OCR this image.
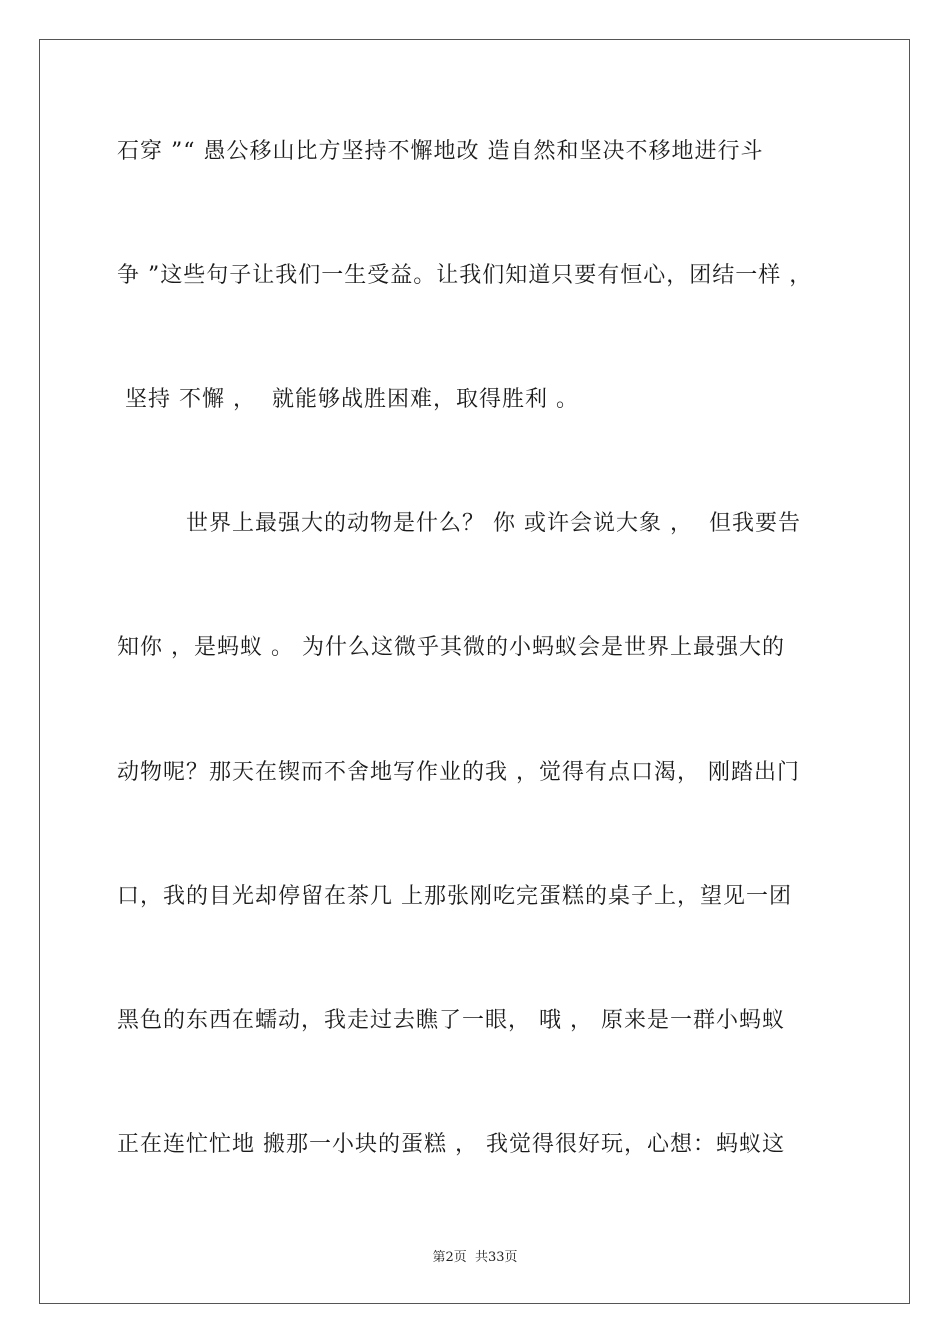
石穿 ”“ 愚公移山比方坚持不懈地改 造自然和坚决不移地进行斗
争 ”这些句子让我们一生受益。让我们知道只要有恒心，团结一样 ，
坚持 不懈 ，  就能够战胜困难，取得胜利 。
世界上最强大的动物是什么？ 你 或许会说大象 ，  但我要告
知你 ，是蚂蚁 。 为什么这微乎其微的小蚂蚁会是世界上最强大的
动物呢？那天在锲而不舍地写作业的我 ，觉得有点口渴， 刚踏出门
口，我的目光却停留在茶几 上那张刚吃完蛋糕的桌子上，望见一团
黑色的东西在蠕动，我走过去瞧了一眼， 哦 ， 原来是一群小蚂蚁
正在连忙忙地 搬那一小块的蛋糕 ， 我觉得很好玩，心想：蚂蚁这
第2页 共33页
